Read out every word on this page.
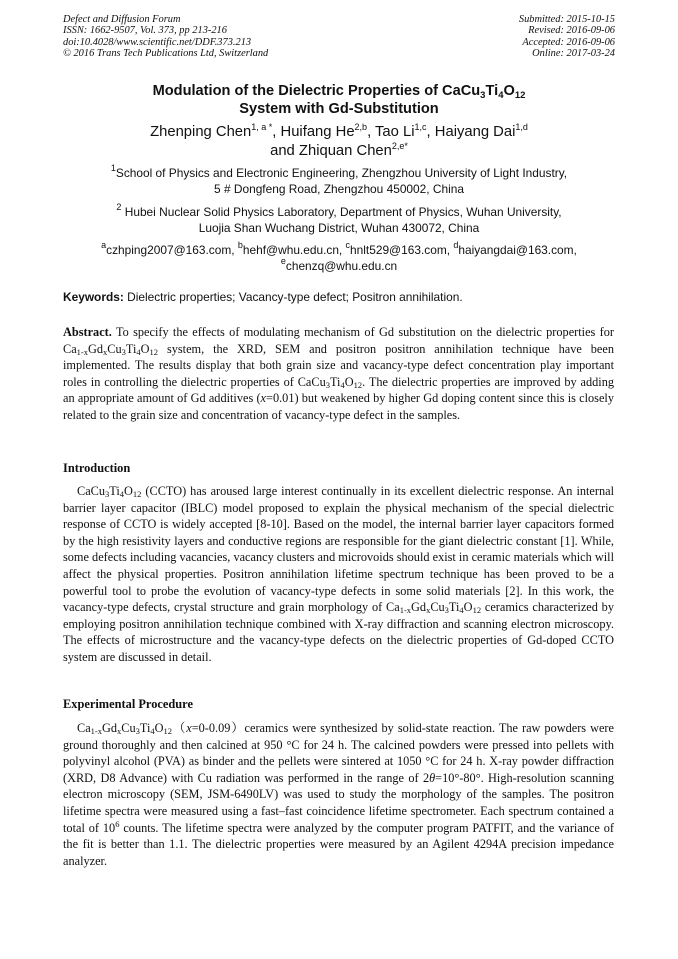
Defect and Diffusion Forum
ISSN: 1662-9507, Vol. 373, pp 213-216
doi:10.4028/www.scientific.net/DDF.373.213
© 2016 Trans Tech Publications Ltd, Switzerland
Submitted: 2015-10-15
Revised: 2016-09-06
Accepted: 2016-09-06
Online: 2017-03-24
Modulation of the Dielectric Properties of $CaCu_3Ti_4O_{12}$
System with Gd-Substitution
Zhenping Chen$^{1, a *}$, Huifang He$^{2,b}$, Tao Li$^{1,c}$, Haiyang Dai$^{1,d}$
and Zhiquan Chen$^{2,e*}$
$^1$School of Physics and Electronic Engineering, Zhengzhou University of Light Industry,
5 # Dongfeng Road, Zhengzhou 450002, China
$^2$ Hubei Nuclear Solid Physics Laboratory, Department of Physics, Wuhan University,
Luojia Shan Wuchang District, Wuhan 430072, China
$^a$czhping2007@163.com, $^b$hehf@whu.edu.cn, $^c$hnlt529@163.com, $^d$haiyangdai@163.com,
$^e$chenzq@whu.edu.cn
Keywords: Dielectric properties; Vacancy-type defect; Positron annihilation.
Abstract. To specify the effects of modulating mechanism of Gd substitution on the dielectric properties for $Ca_{1-x}Gd_xCu_3Ti_4O_{12}$ system, the XRD, SEM and positron positron annihilation technique have been implemented. The results display that both grain size and vacancy-type defect concentration play important roles in controlling the dielectric properties of $CaCu_3Ti_4O_{12}$. The dielectric properties are improved by adding an appropriate amount of Gd additives (x=0.01) but weakened by higher Gd doping content since this is closely related to the grain size and concentration of vacancy-type defect in the samples.
Introduction
$CaCu_3Ti_4O_{12}$ (CCTO) has aroused large interest continually in its excellent dielectric response. An internal barrier layer capacitor (IBLC) model proposed to explain the physical mechanism of the special dielectric response of CCTO is widely accepted [8-10]. Based on the model, the internal barrier layer capacitors formed by the high resistivity layers and conductive regions are responsible for the giant dielectric constant [1]. While, some defects including vacancies, vacancy clusters and microvoids should exist in ceramic materials which will affect the physical properties. Positron annihilation lifetime spectrum technique has been proved to be a powerful tool to probe the evolution of vacancy-type defects in some solid materials [2]. In this work, the vacancy-type defects, crystal structure and grain morphology of $Ca_{1-x}Gd_xCu_3Ti_4O_{12}$ ceramics characterized by employing positron annihilation technique combined with X-ray diffraction and scanning electron microscopy. The effects of microstructure and the vacancy-type defects on the dielectric properties of Gd-doped CCTO system are discussed in detail.
Experimental Procedure
$Ca_{1-x}Gd_xCu_3Ti_4O_{12}(x=0-0.09)ceramics$ were synthesized by solid-state reaction. The raw powders were ground thoroughly and then calcined at 950 °C for 24 h. The calcined powders were pressed into pellets with polyvinyl alcohol (PVA) as binder and the pellets were sintered at 1050 °C for 24 h. X-ray powder diffraction (XRD, D8 Advance) with Cu radiation was performed in the range of 2θ=10°-80°. High-resolution scanning electron microscopy (SEM, JSM-6490LV) was used to study the morphology of the samples. The positron lifetime spectra were measured using a fast–fast coincidence lifetime spectrometer. Each spectrum contained a total of $10^6$ counts. The lifetime spectra were analyzed by the computer program PATFIT, and the variance of the fit is better than 1.1. The dielectric properties were measured by an Agilent 4294A precision impedance analyzer.
